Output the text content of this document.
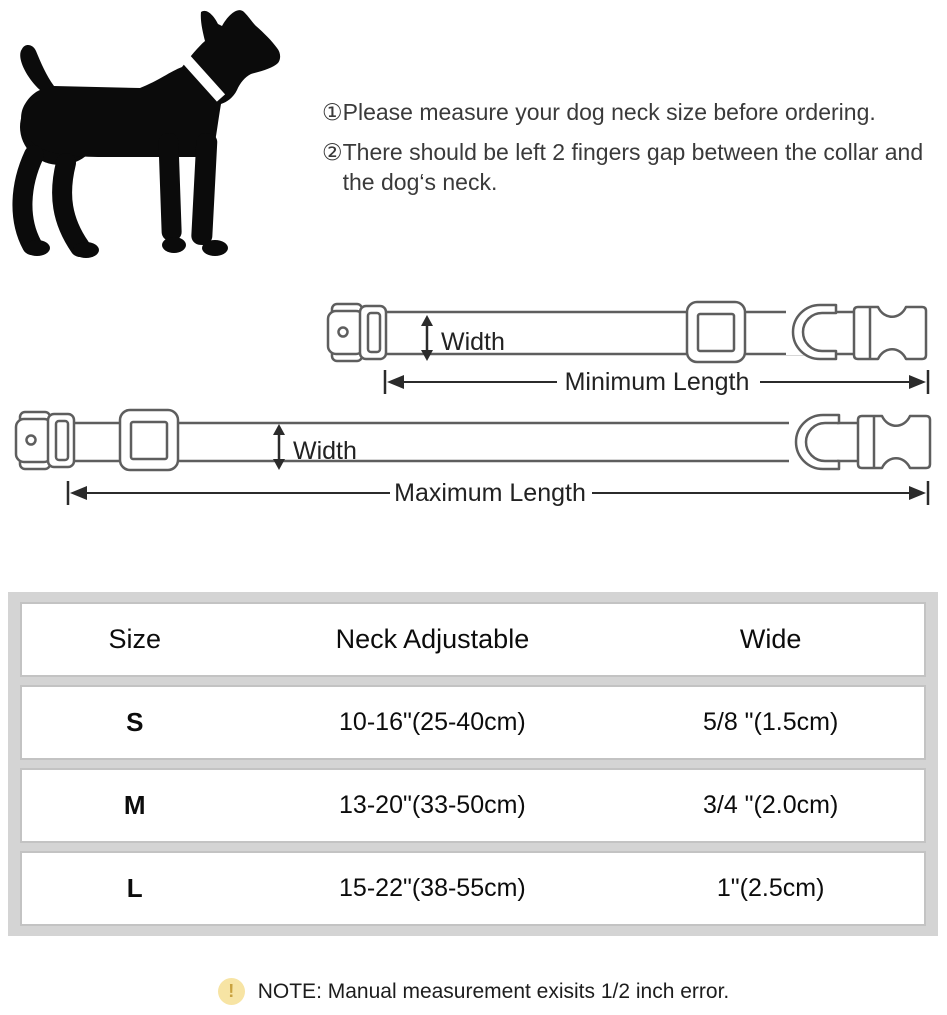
① Please measure your dog neck size before ordering.
② There should be left 2 fingers gap between the collar and the dog‘s neck.
Width
Minimum Length
Width
Maximum Length
Size	Neck Adjustable	Wide
S	10-16"(25-40cm)	5/8 "(1.5cm)
M	13-20"(33-50cm)	3/4 "(2.0cm)
L	15-22"(38-55cm)	1"(2.5cm)
!	NOTE: Manual measurement exisits 1/2 inch error.
